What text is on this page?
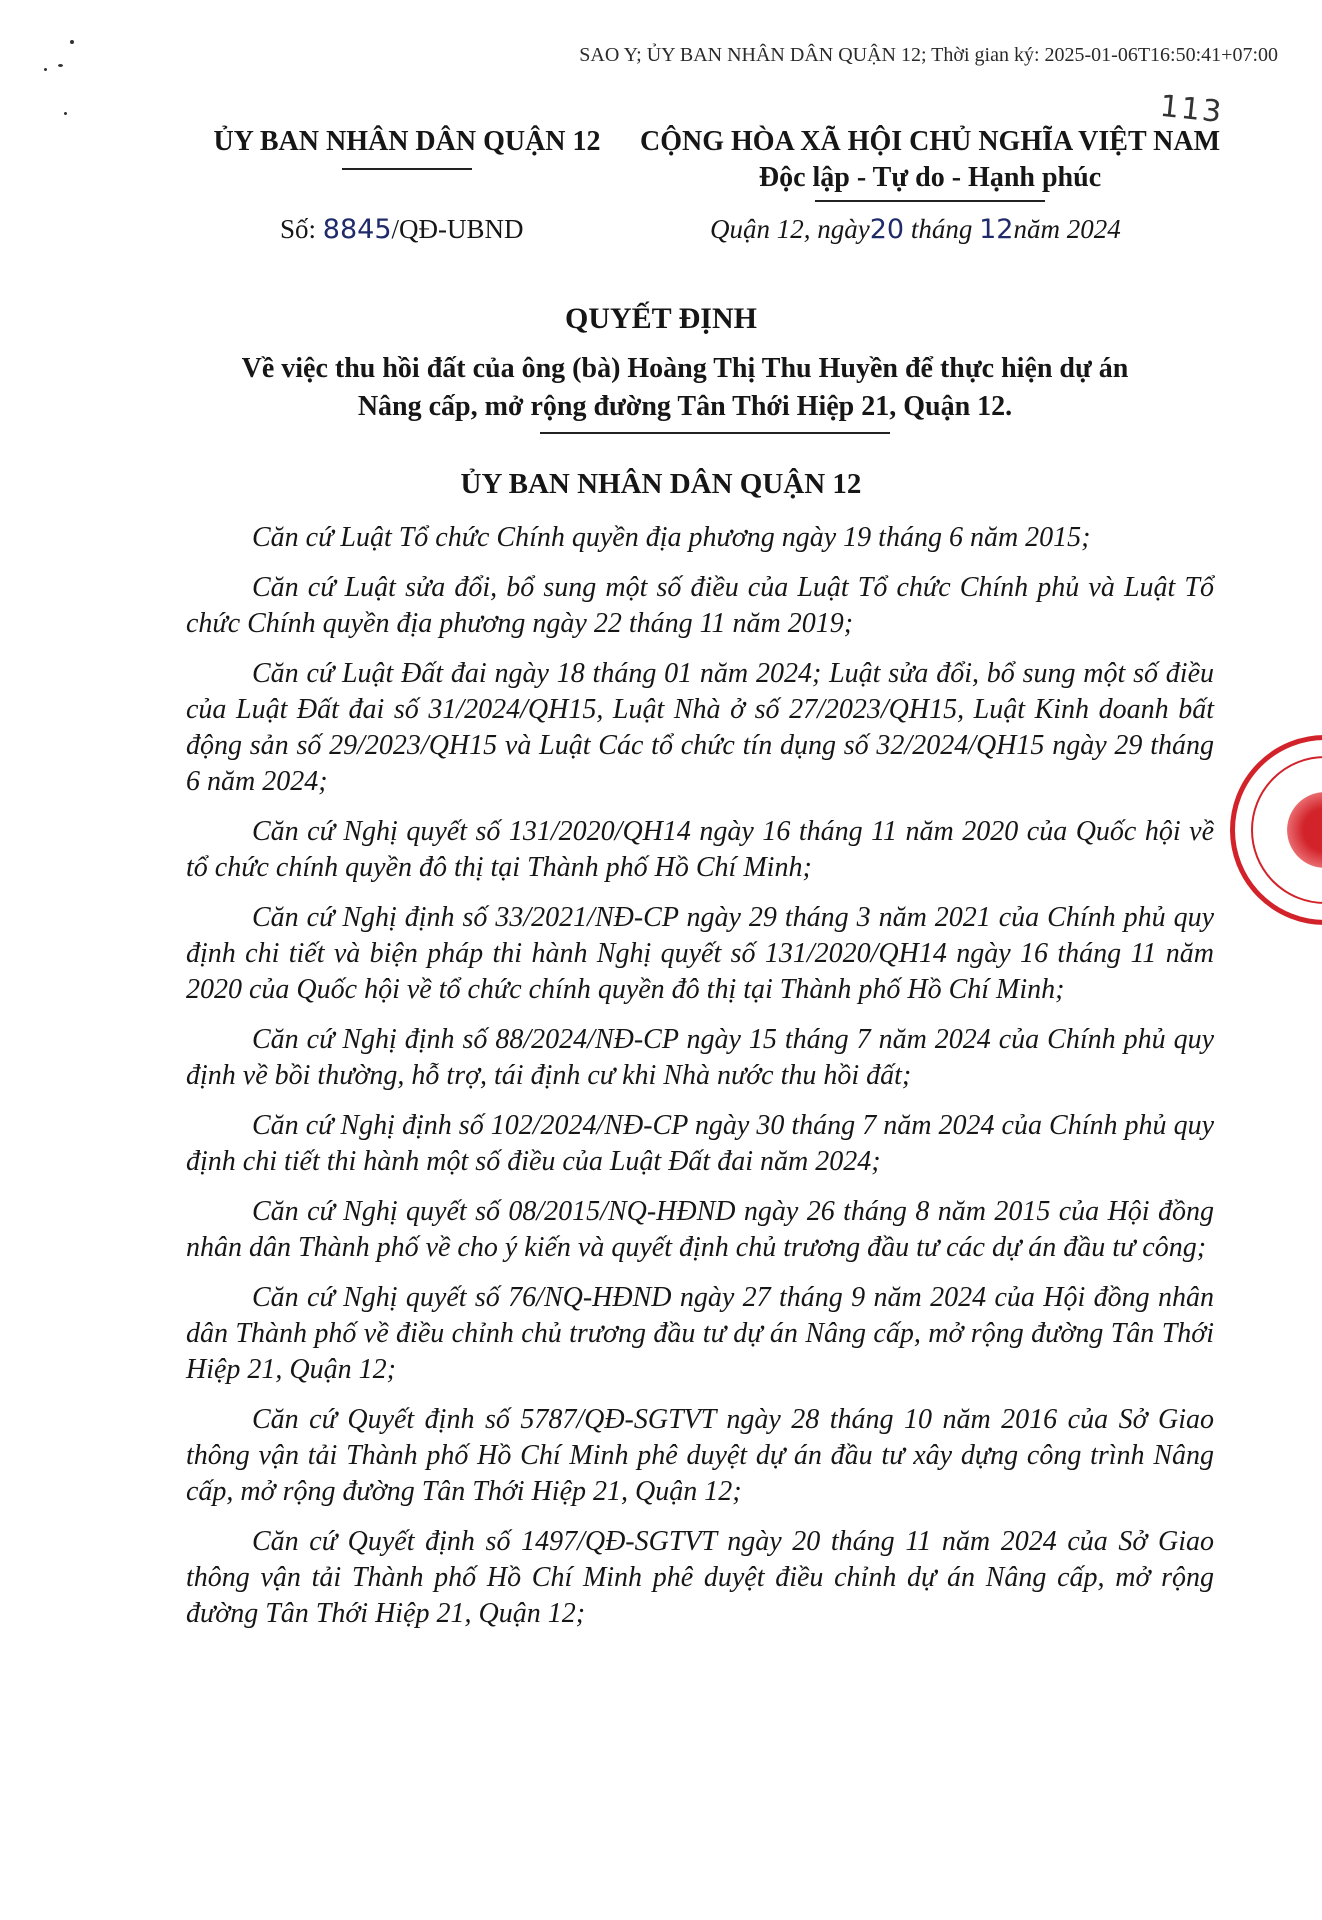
SAO Y; ỦY BAN NHÂN DÂN QUẬN 12; Thời gian ký: 2025-01-06T16:50:41+07:00
113
ỦY BAN NHÂN DÂN QUẬN 12	CỘNG HÒA XÃ HỘI CHỦ NGHĨA VIỆT NAM
Độc lập - Tự do - Hạnh phúc
Số: 8845/QĐ-UBND	Quận 12, ngày20 tháng 12năm 2024
QUYẾT ĐỊNH
Về việc thu hồi đất của ông (bà) Hoàng Thị Thu Huyền để thực hiện dự án
Nâng cấp, mở rộng đường Tân Thới Hiệp 21, Quận 12.
ỦY BAN NHÂN DÂN QUẬN 12

Căn cứ Luật Tổ chức Chính quyền địa phương ngày 19 tháng 6 năm 2015;

Căn cứ Luật sửa đổi, bổ sung một số điều của Luật Tổ chức Chính phủ và Luật Tổ chức Chính quyền địa phương ngày 22 tháng 11 năm 2019;

Căn cứ Luật Đất đai ngày 18 tháng 01 năm 2024; Luật sửa đổi, bổ sung một số điều của Luật Đất đai số 31/2024/QH15, Luật Nhà ở số 27/2023/QH15, Luật Kinh doanh bất động sản số 29/2023/QH15 và Luật Các tổ chức tín dụng số 32/2024/QH15 ngày 29 tháng 6 năm 2024;

Căn cứ Nghị quyết số 131/2020/QH14 ngày 16 tháng 11 năm 2020 của Quốc hội về tổ chức chính quyền đô thị tại Thành phố Hồ Chí Minh;

Căn cứ Nghị định số 33/2021/NĐ-CP ngày 29 tháng 3 năm 2021 của Chính phủ quy định chi tiết và biện pháp thi hành Nghị quyết số 131/2020/QH14 ngày 16 tháng 11 năm 2020 của Quốc hội về tổ chức chính quyền đô thị tại Thành phố Hồ Chí Minh;

Căn cứ Nghị định số 88/2024/NĐ-CP ngày 15 tháng 7 năm 2024 của Chính phủ quy định về bồi thường, hỗ trợ, tái định cư khi Nhà nước thu hồi đất;

Căn cứ Nghị định số 102/2024/NĐ-CP ngày 30 tháng 7 năm 2024 của Chính phủ quy định chi tiết thi hành một số điều của Luật Đất đai năm 2024;

Căn cứ Nghị quyết số 08/2015/NQ-HĐND ngày 26 tháng 8 năm 2015 của Hội đồng nhân dân Thành phố về cho ý kiến và quyết định chủ trương đầu tư các dự án đầu tư công;

Căn cứ Nghị quyết số 76/NQ-HĐND ngày 27 tháng 9 năm 2024 của Hội đồng nhân dân Thành phố về điều chỉnh chủ trương đầu tư dự án Nâng cấp, mở rộng đường Tân Thới Hiệp 21, Quận 12;

Căn cứ Quyết định số 5787/QĐ-SGTVT ngày 28 tháng 10 năm 2016 của Sở Giao thông vận tải Thành phố Hồ Chí Minh phê duyệt dự án đầu tư xây dựng công trình Nâng cấp, mở rộng đường Tân Thới Hiệp 21, Quận 12;

Căn cứ Quyết định số 1497/QĐ-SGTVT ngày 20 tháng 11 năm 2024 của Sở Giao thông vận tải Thành phố Hồ Chí Minh phê duyệt điều chỉnh dự án Nâng cấp, mở rộng đường Tân Thới Hiệp 21, Quận 12;
